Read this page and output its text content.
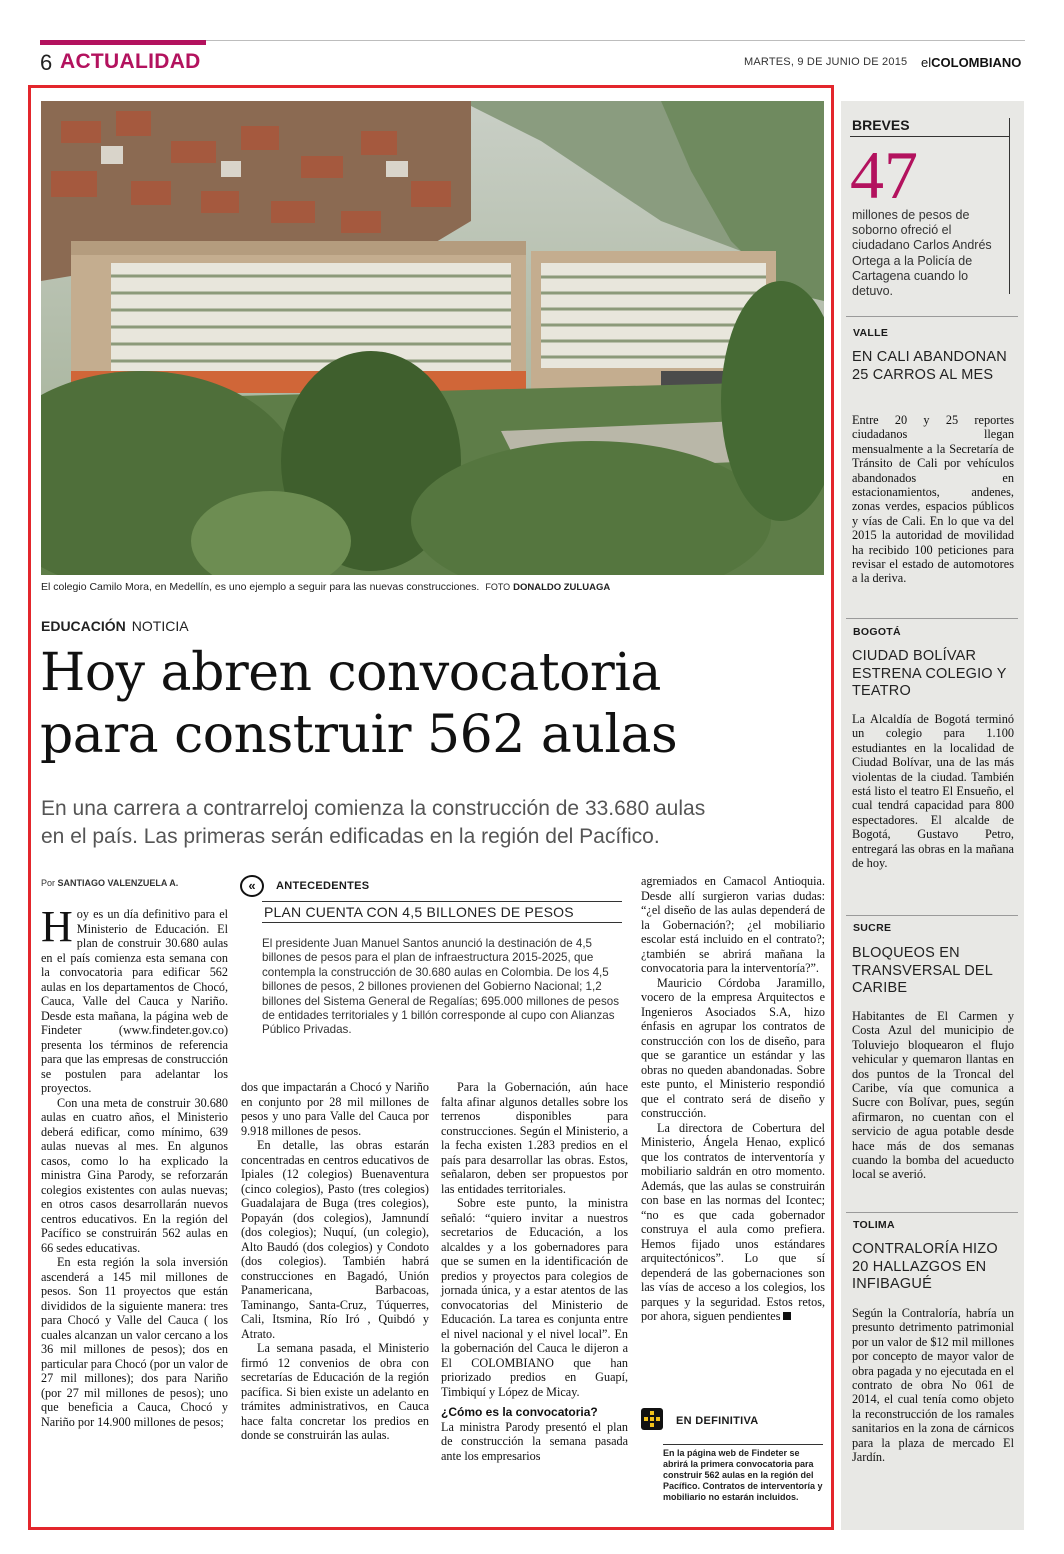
6 ACTUALIDAD	MARTES, 9 DE JUNIO DE 2015 elCOLOMBIANO
El colegio Camilo Mora, en Medellín, es uno ejemplo a seguir para las nuevas construcciones. FOTO DONALDO ZULUAGA
EDUCACIÓN NOTICIA
Hoy abren convocatoria
para construir 562 aulas
En una carrera a contrarreloj comienza la construcción de 33.680 aulas
en el país. Las primeras serán edificadas en la región del Pacífico.
Por SANTIAGO VALENZUELA A.

Hoy es un día definitivo para el Ministerio de Educación. El plan de construir 30.680 aulas en el país comienza esta semana con la convocatoria para edificar 562 aulas en los departamentos de Chocó, Cauca, Valle del Cauca y Nariño. Desde esta mañana, la página web de Findeter (www.findeter.gov.co) presenta los términos de referencia para que las empresas de construcción se postulen para adelantar los proyectos.

Con una meta de construir 30.680 aulas en cuatro años, el Ministerio deberá edificar, como mínimo, 639 aulas nuevas al mes. En algunos casos, como lo ha explicado la ministra Gina Parody, se reforzarán colegios existentes con aulas nuevas; en otros casos desarrollarán nuevos centros educativos. En la región del Pacífico se construirán 562 aulas en 66 sedes educativas.

En esta región la sola inversión ascenderá a 145 mil millones de pesos. Son 11 proyectos que están divididos de la siguiente manera: tres para Chocó y Valle del Cauca ( los cuales alcanzan un valor cercano a los 36 mil millones de pesos); dos en particular para Chocó (por un valor de 27 mil millones); dos para Nariño (por 27 mil millones de pesos); uno que beneficia a Cauca, Chocó y Nariño por 14.900 millones de pesos;

«	ANTECEDENTES
PLAN CUENTA CON 4,5 BILLONES DE PESOS
El presidente Juan Manuel Santos anunció la destinación de 4,5 billones de pesos para el plan de infraestructura 2015-2025, que contempla la construcción de 30.680 aulas en Colombia. De los 4,5 billones de pesos, 2 billones provienen del Gobierno Nacional; 1,2 billones del Sistema General de Regalías; 695.000 millones de pesos de entidades territoriales y 1 billón corresponde al cupo con Alianzas Público Privadas.

dos que impactarán a Chocó y Nariño en conjunto por 28 mil millones de pesos y uno para Valle del Cauca por 9.918 millones de pesos.

En detalle, las obras estarán concentradas en centros educativos de Ipiales (12 colegios) Buenaventura (cinco colegios), Pasto (tres colegios) Guadalajara de Buga (tres colegios), Popayán (dos colegios), Jamnundí (dos colegios); Nuquí, (un colegio), Alto Baudó (dos colegios) y Condoto (dos colegios). También habrá construcciones en Bagadó, Unión Panamericana, Barbacoas, Taminango, Santa-Cruz, Túquerres, Cali, Itsmina, Río Iró , Quibdó y Atrato.

La semana pasada, el Ministerio firmó 12 convenios de obra con secretarías de Educación de la región pacífica. Si bien existe un adelanto en trámites administrativos, en Cauca hace falta concretar los predios en donde se construirán las aulas.

Para la Gobernación, aún hace falta afinar algunos detalles sobre los terrenos disponibles para construcciones. Según el Ministerio, a la fecha existen 1.283 predios en el país para desarrollar las obras. Estos, señalaron, deben ser propuestos por las entidades territoriales.

Sobre este punto, la ministra señaló: “quiero invitar a nuestros secretarios de Educación, a los alcaldes y a los gobernadores para que se sumen en la identificación de predios y proyectos para colegios de jornada única, y a estar atentos de las convocatorias del Ministerio de Educación. La tarea es conjunta entre el nivel nacional y el nivel local”. En la gobernación del Cauca le dijeron a El COLOMBIANO que han priorizado predios en Guapí, Timbiquí y López de Micay.

¿Cómo es la convocatoria?

La ministra Parody presentó el plan de construcción la semana pasada ante los empresarios

agremiados en Camacol Antioquia. Desde allí surgieron varias dudas: “¿el diseño de las aulas dependerá de la Gobernación?; ¿el mobiliario escolar está incluido en el contrato?; ¿también se abrirá mañana la convocatoria para la interventoría?”.

Mauricio Córdoba Jaramillo, vocero de la empresa Arquitectos e Ingenieros Asociados S.A, hizo énfasis en agrupar los contratos de construcción con los de diseño, para que se garantice un estándar y las obras no queden abandonadas. Sobre este punto, el Ministerio respondió que el contrato será de diseño y construcción.

La directora de Cobertura del Ministerio, Ángela Henao, explicó que los contratos de interventoría y mobiliario saldrán en otro momento. Además, que las aulas se construirán con base en las normas del Icontec; “no es que cada gobernador construya el aula como prefiera. Hemos fijado unos estándares arquitectónicos”. Lo que sí dependerá de las gobernaciones son las vías de acceso a los colegios, los parques y la seguridad. Estos retos, por ahora, siguen pendientes

EN DEFINITIVA
En la página web de Findeter se abrirá la primera convocatoria para construir 562 aulas en la región del Pacífico. Contratos de interventoría y mobiliario no estarán incluidos.
BREVES
47
millones de pesos de soborno ofreció el ciudadano Carlos Andrés Ortega a la Policía de Cartagena cuando lo detuvo.
VALLE
EN CALI ABANDONAN 25 CARROS AL MES
Entre 20 y 25 reportes ciudadanos llegan mensualmente a la Secretaría de Tránsito de Cali por vehículos abandonados en estacionamientos, andenes, zonas verdes, espacios públicos y vías de Cali. En lo que va del 2015 la autoridad de movilidad ha recibido 100 peticiones para revisar el estado de automotores a la deriva.
BOGOTÁ
CIUDAD BOLÍVAR ESTRENA COLEGIO Y TEATRO
La Alcaldía de Bogotá terminó un colegio para 1.100 estudiantes en la localidad de Ciudad Bolívar, una de las más violentas de la ciudad. También está listo el teatro El Ensueño, el cual tendrá capacidad para 800 espectadores. El alcalde de Bogotá, Gustavo Petro, entregará las obras en la mañana de hoy.
SUCRE
BLOQUEOS EN TRANSVERSAL DEL CARIBE
Habitantes de El Carmen y Costa Azul del municipio de Toluviejo bloquearon el flujo vehicular y quemaron llantas en dos puntos de la Troncal del Caribe, vía que comunica a Sucre con Bolívar, pues, según afirmaron, no cuentan con el servicio de agua potable desde hace más de dos semanas cuando la bomba del acueducto local se averió.
TOLIMA
CONTRALORÍA HIZO 20 HALLAZGOS EN INFIBAGUÉ
Según la Contraloría, habría un presunto detrimento patrimonial por un valor de $12 mil millones por concepto de mayor valor de obra pagada y no ejecutada en el contrato de obra No 061 de 2014, el cual tenía como objeto la reconstrucción de los ramales sanitarios en la zona de cárnicos para la plaza de mercado El Jardín.
